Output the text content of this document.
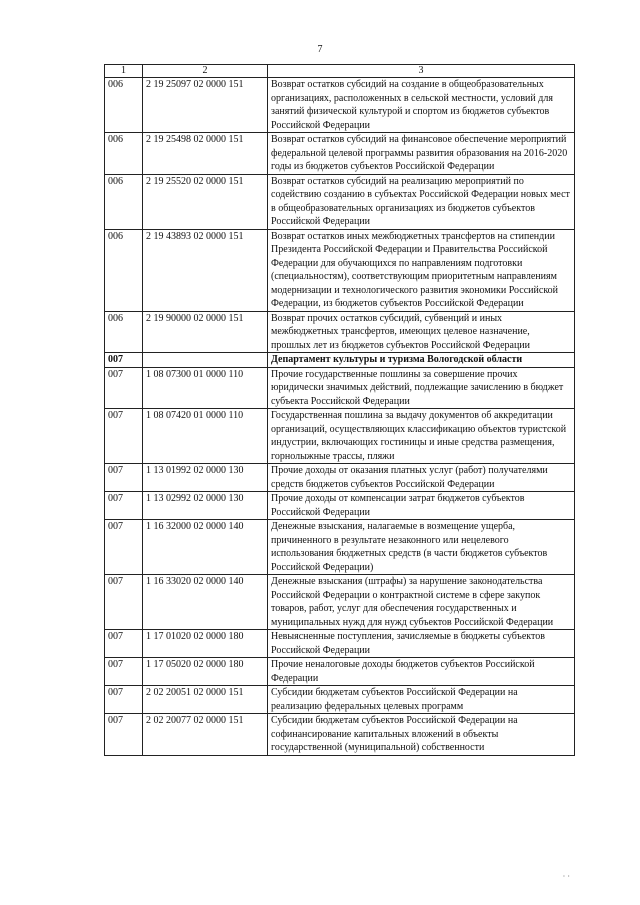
7
1	2	3
006	2 19 25097 02 0000 151	Возврат остатков субсидий на создание в общеобразовательных организациях, расположенных в сельской местности, условий для занятий физической культурой и спортом из бюджетов субъектов Российской Федерации
006	2 19 25498 02 0000 151	Возврат остатков субсидий на финансовое обеспечение мероприятий федеральной целевой программы развития образования на 2016-2020 годы из бюджетов субъектов Российской Федерации
006	2 19 25520 02 0000 151	Возврат остатков субсидий на реализацию мероприятий по содействию созданию в субъектах Российской Федерации новых мест в общеобразовательных организациях из бюджетов субъектов Российской Федерации
006	2 19 43893 02 0000 151	Возврат остатков иных межбюджетных трансфертов на стипендии Президента Российской Федерации и Правительства Российской Федерации для обучающихся по направлениям подготовки (специальностям), соответствующим приоритетным направлениям модернизации и технологического развития экономики Российской Федерации, из бюджетов субъектов Российской Федерации
006	2 19 90000 02 0000 151	Возврат прочих остатков субсидий, субвенций и иных межбюджетных трансфертов, имеющих целевое назначение, прошлых лет из бюджетов субъектов Российской Федерации
007		Департамент культуры и туризма Вологодской области
007	1 08 07300 01 0000 110	Прочие государственные пошлины за совершение прочих юридически значимых действий, подлежащие зачислению в бюджет субъекта Российской Федерации
007	1 08 07420 01 0000 110	Государственная пошлина за выдачу документов об аккредитации организаций, осуществляющих классификацию объектов туристской индустрии, включающих гостиницы и иные средства размещения, горнолыжные трассы, пляжи
007	1 13 01992 02 0000 130	Прочие доходы от оказания платных услуг (работ) получателями средств бюджетов субъектов Российской Федерации
007	1 13 02992 02 0000 130	Прочие доходы от компенсации затрат бюджетов субъектов Российской Федерации
007	1 16 32000 02 0000 140	Денежные взыскания, налагаемые в возмещение ущерба, причиненного в результате незаконного или нецелевого использования бюджетных средств (в части бюджетов субъектов Российской Федерации)
007	1 16 33020 02 0000 140	Денежные взыскания (штрафы) за нарушение законодательства Российской Федерации о контрактной системе в сфере закупок товаров, работ, услуг для обеспечения государственных и муниципальных нужд для нужд субъектов Российской Федерации
007	1 17 01020 02 0000 180	Невыясненные поступления, зачисляемые в бюджеты субъектов Российской Федерации
007	1 17 05020 02 0000 180	Прочие неналоговые доходы бюджетов субъектов Российской Федерации
007	2 02 20051 02 0000 151	Субсидии бюджетам субъектов Российской Федерации на реализацию федеральных целевых программ
007	2 02 20077 02 0000 151	Субсидии бюджетам субъектов Российской Федерации на софинансирование капитальных вложений в объекты государственной (муниципальной) собственности
· ·
